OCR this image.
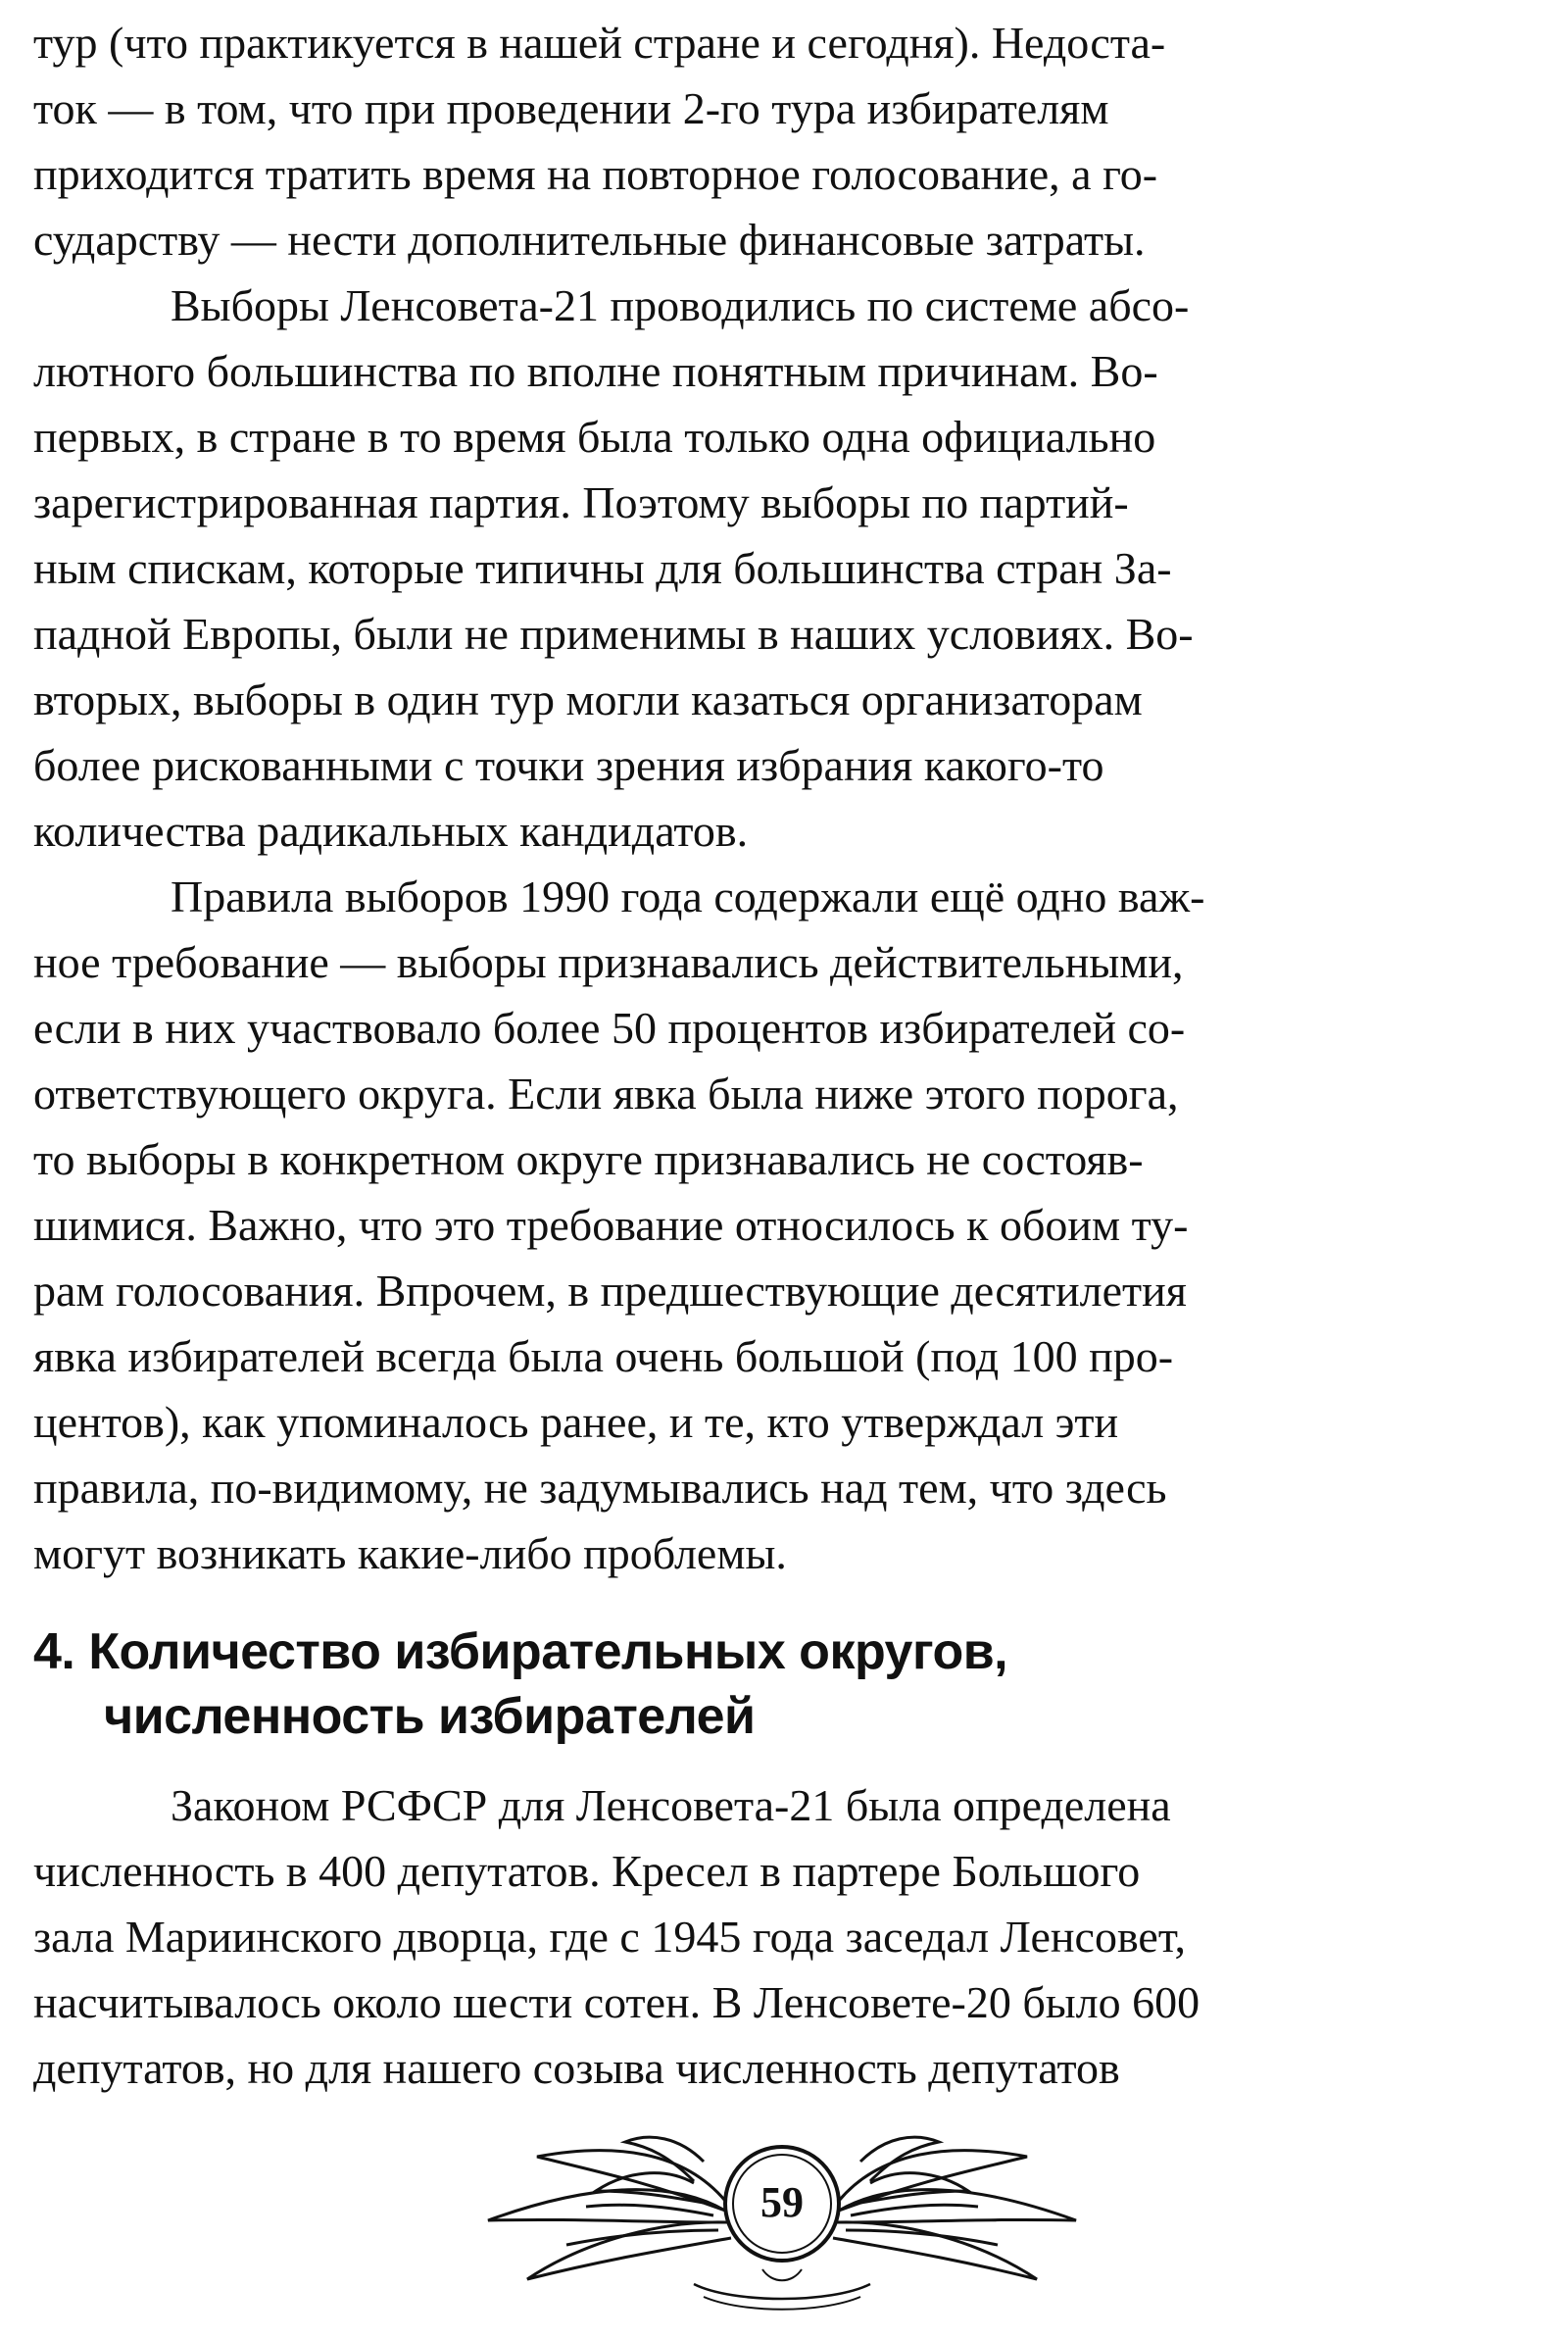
тур (что практикуется в нашей стране и сегодня). Недоста-
ток — в том, что при проведении 2-го тура избирателям
приходится тратить время на повторное голосование, а го-
сударству — нести дополнительные финансовые затраты.

Выборы Ленсовета-21 проводились по системе абсо-
лютного большинства по вполне понятным причинам. Во-
первых, в стране в то время была только одна официально
зарегистрированная партия. Поэтому выборы по партий-
ным спискам, которые типичны для большинства стран За-
падной Европы, были не применимы в наших условиях. Во-
вторых, выборы в один тур могли казаться организаторам
более рискованными с точки зрения избрания какого-то
количества радикальных кандидатов.

Правила выборов 1990 года содержали ещё одно важ-
ное требование — выборы признавались действительными,
если в них участвовало более 50 процентов избирателей со-
ответствующего округа. Если явка была ниже этого порога,
то выборы в конкретном округе признавались не состояв-
шимися. Важно, что это требование относилось к обоим ту-
рам голосования. Впрочем, в предшествующие десятилетия
явка избирателей всегда была очень большой (под 100 про-
центов), как упоминалось ранее, и те, кто утверждал эти
правила, по-видимому, не задумывались над тем, что здесь
могут возникать какие-либо проблемы.

4. Количество избирательных округов,
численность избирателей

Законом РСФСР для Ленсовета-21 была определена
численность в 400 депутатов. Кресел в партере Большого
зала Мариинского дворца, где с 1945 года заседал Ленсовет,
насчитывалось около шести сотен. В Ленсовете-20 было 600
депутатов, но для нашего созыва численность депутатов

59
